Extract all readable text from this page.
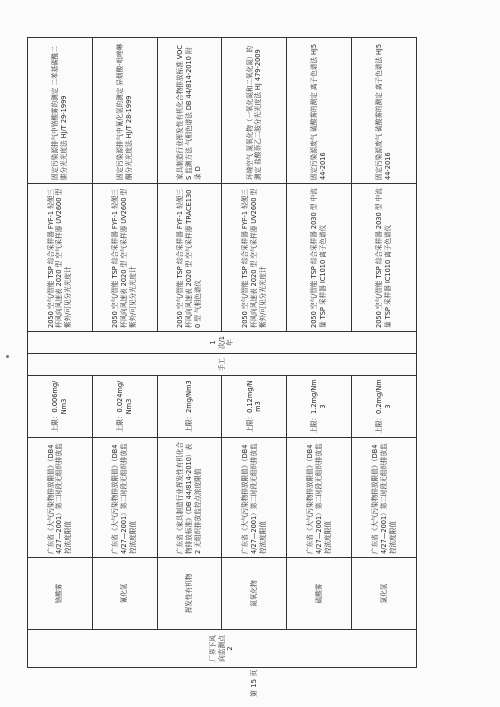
厂界下风向监测点 2	铬酸雾	广东省《大气污染物排放限值》（DB44/27—2001）第二时段无组织排放监控浓度限值	上限：0.006mg/Nm3	手工	1 次/1 年	2050 空气/智能 TSP 综合采样器 FYF-1 轻便三杯风向风速表 2020 型 空气采样器 UV2600 型 紫外/可见分光光度计	固定污染源排气中铬酸雾的测定 二苯基碳酰二肼分光光度法 HJ/T 29-1999
	氰化氢	广东省《大气污染物排放限值》（DB44/27—2001）第二时段无组织排放监控浓度限值	上限：0.024mg/Nm3			2050 空气/智能 TSP 综合采样器 FYF-1 轻便三杯风向风速表 2020 型 空气采样器 UV2600 型 紫外/可见分光光度计	固定污染源排气中氰化氢的测定 异烟酸-吡唑啉酮分光光度法 HJ/T 28-1999
	挥发性有机物	广东省《家具制造行业挥发性有机化合物排放标准》（DB 44/814-2010）表 2 无组织排放监控点浓度限值	上限：2mg/Nm3			2050 空气/智能 TSP 综合采样器 FYF-1 轻便三杯风向风速表 2020 型 空气采样器 TRACE1300 型 气相色谱仪	家具制造行业挥发性有机化合物排放标准 VOCS 监测方法 气相色谱法 DB 44/814-2010 附录 D
	氮氧化物	广东省《大气污染物排放限值》（DB44/27—2001）第二时段无组织排放监控浓度限值	上限：0.12mg/Nm3			2050 空气/智能 TSP 综合采样器 FYF-1 轻便三杯风向风速表 2020 型 空气采样器 UV2600 型 紫外/可见分光光度计	环境空气 氮氧化物（一氧化氮和二氧化氮）的测定 盐酸萘乙二胺分光光度法 HJ 479-2009
	硫酸雾	广东省《大气污染物排放限值》（DB44/27—2001）第二时段无组织排放监控浓度限值	上限：1.2mg/Nm3			2050 空气/智能 TSP 综合采样器 2030 型 中流量 TSP 采样器 IC1010 离子色谱仪	固定污染源废气 硫酸雾的测定 离子色谱法 HJ544-2016
	氯化氢	广东省《大气污染物排放限值》（DB44/27—2001）第二时段无组织排放监控浓度限值	上限：0.2mg/Nm3			2050 空气/智能 TSP 综合采样器 2030 型 中流量 TSP 采样器 IC1010 离子色谱仪	固定污染源废气 硫酸雾的测定 离子色谱法 HJ544-2016
第 15 页
